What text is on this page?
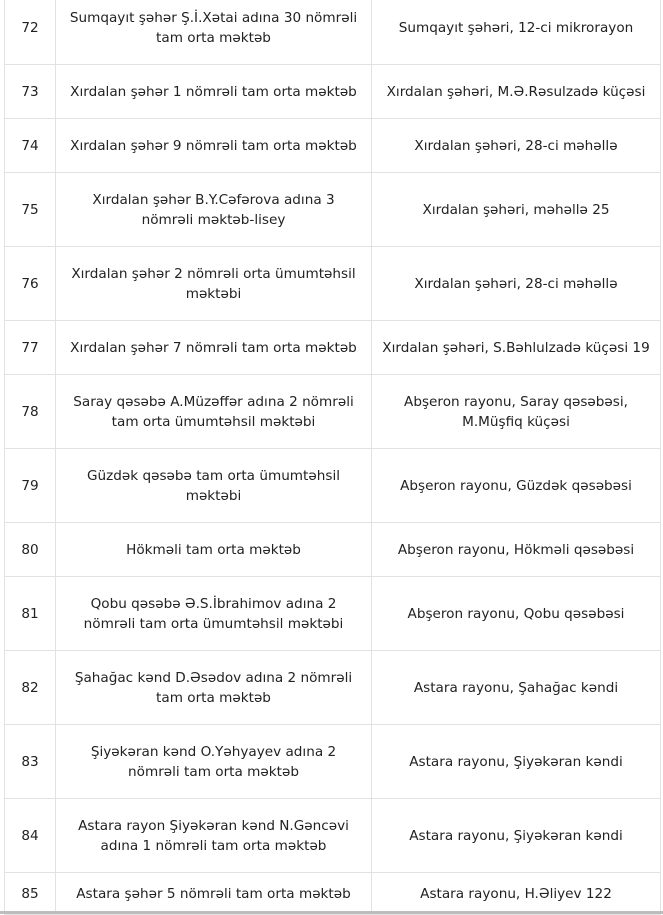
72	Sumqayıt şəhər Ş.İ.Xətai adına 30 nömrəli tam orta məktəb	Sumqayıt şəhəri, 12-ci mikrorayon
73	Xırdalan şəhər 1 nömrəli tam orta məktəb	Xırdalan şəhəri, M.Ə.Rəsulzadə küçəsi
74	Xırdalan şəhər 9 nömrəli tam orta məktəb	Xırdalan şəhəri, 28-ci məhəllə
75	Xırdalan şəhər B.Y.Cəfərova adına 3 nömrəli məktəb-lisey	Xırdalan şəhəri, məhəllə 25
76	Xırdalan şəhər 2 nömrəli orta ümumtəhsil məktəbi	Xırdalan şəhəri, 28-ci məhəllə
77	Xırdalan şəhər 7 nömrəli tam orta məktəb	Xırdalan şəhəri, S.Bəhlulzadə küçəsi 19
78	Saray qəsəbə A.Müzəffər adına 2 nömrəli tam orta ümumtəhsil məktəbi	Abşeron rayonu, Saray qəsəbəsi, M.Müşfiq küçəsi
79	Güzdək qəsəbə tam orta ümumtəhsil məktəbi	Abşeron rayonu, Güzdək qəsəbəsi
80	Hökməli tam orta məktəb	Abşeron rayonu, Hökməli qəsəbəsi
81	Qobu qəsəbə Ə.S.İbrahimov adına 2 nömrəli tam orta ümumtəhsil məktəbi	Abşeron rayonu, Qobu qəsəbəsi
82	Şahağac kənd D.Əsədov adına 2 nömrəli tam orta məktəb	Astara rayonu, Şahağac kəndi
83	Şiyəkəran kənd O.Yəhyayev adına 2 nömrəli tam orta məktəb	Astara rayonu, Şiyəkəran kəndi
84	Astara rayon Şiyəkəran kənd N.Gəncəvi adına 1 nömrəli tam orta məktəb	Astara rayonu, Şiyəkəran kəndi
85	Astara şəhər 5 nömrəli tam orta məktəb	Astara rayonu, H.Əliyev 122
